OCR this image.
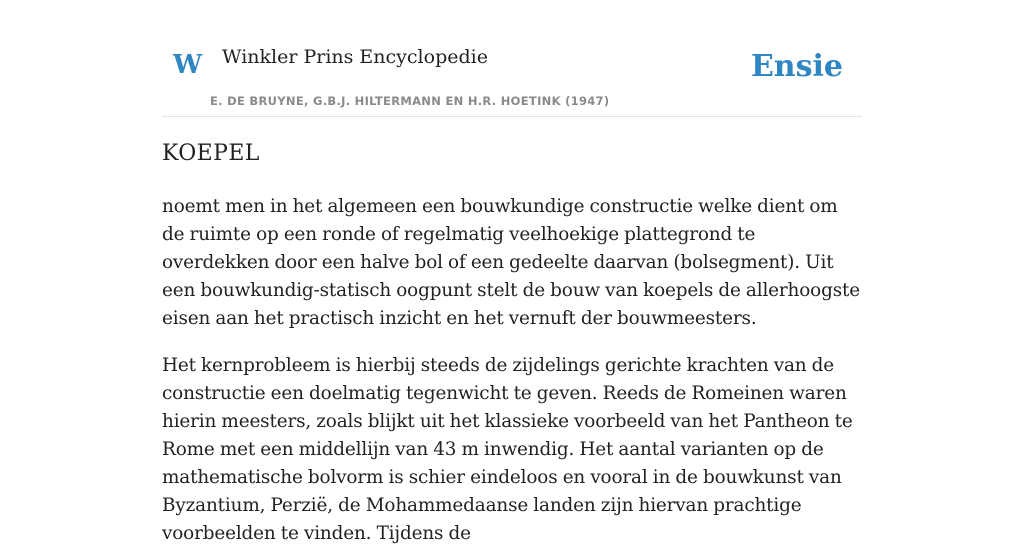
W Winkler Prins Encyclopedie
E. DE BRUYNE, G.B.J. HILTERMANN EN H.R. HOETINK (1947)
Ensie
KOEPEL

noemt men in het algemeen een bouwkundige constructie welke dient om de ruimte op een ronde of regelmatig veelhoekige plattegrond te overdekken door een halve bol of een gedeelte daarvan (bolsegment). Uit een bouwkundig-statisch oogpunt stelt de bouw van koepels de allerhoogste eisen aan het practisch inzicht en het vernuft der bouwmeesters.

Het kernprobleem is hierbij steeds de zijdelings gerichte krachten van de constructie een doelmatig tegenwicht te geven. Reeds de Romeinen waren hierin meesters, zoals blijkt uit het klassieke voorbeeld van het Pantheon te Rome met een middellijn van 43 m inwendig. Het aantal varianten op de mathematische bolvorm is schier eindeloos en vooral in de bouwkunst van Byzantium, Perzië, de Mohammedaanse landen zijn hiervan prachtige voorbeelden te vinden. Tijdens de
